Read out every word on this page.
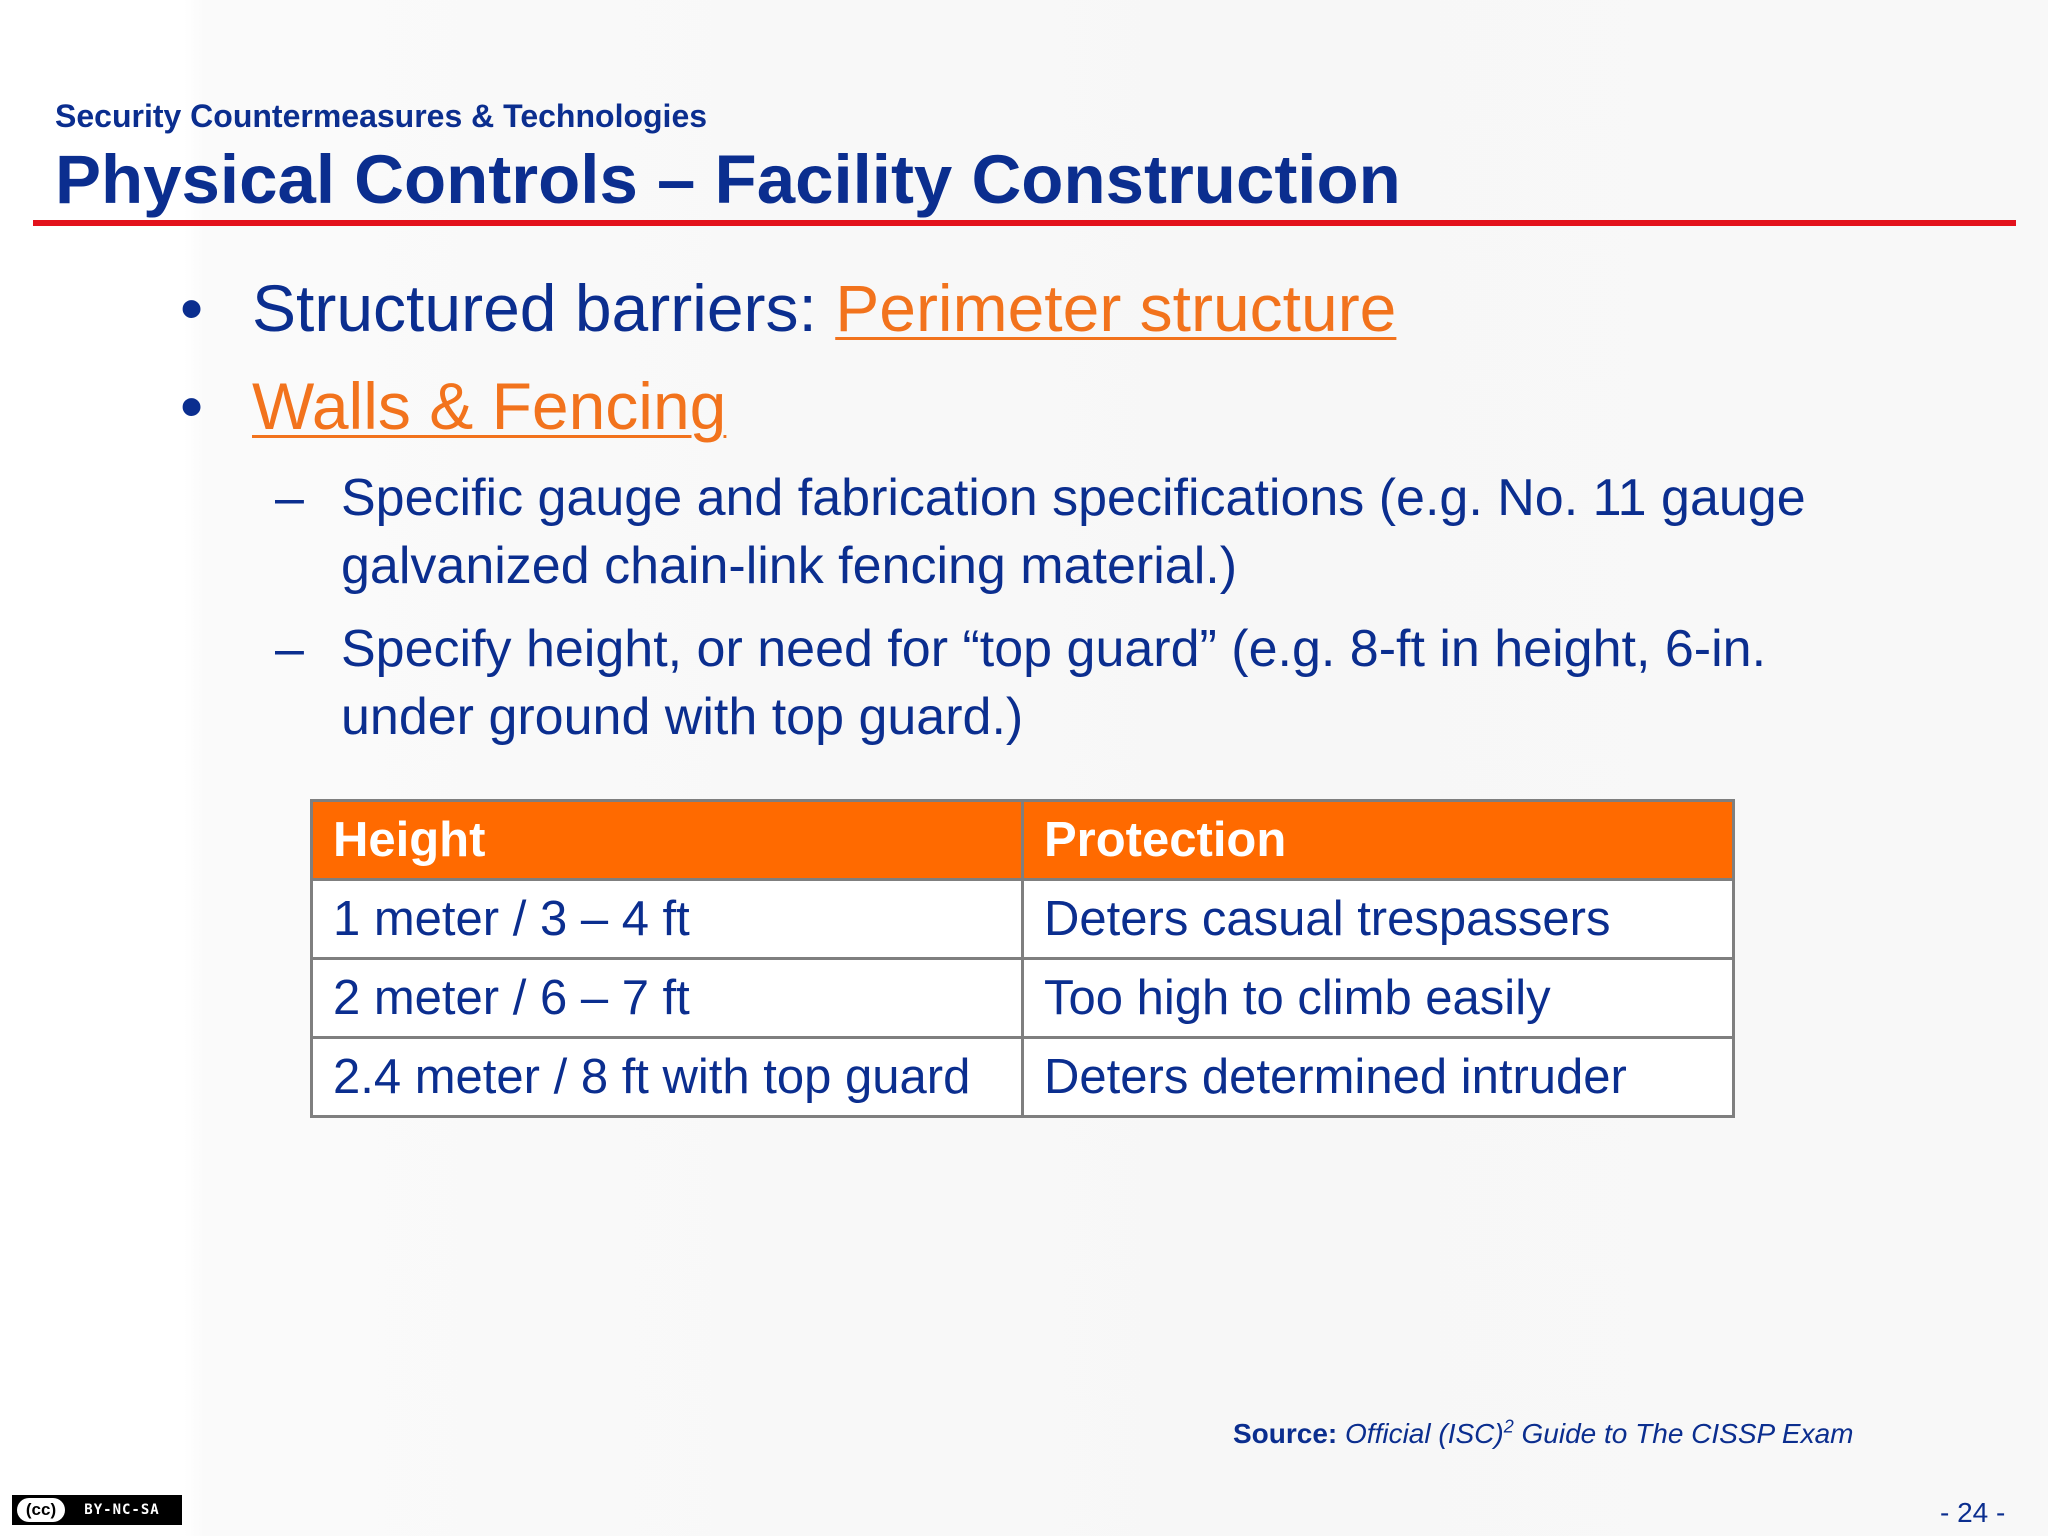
Security Countermeasures & Technologies
Physical Controls – Facility Construction
• Structured barriers: Perimeter structure
• Walls & Fencing
– Specific gauge and fabrication specifications (e.g. No. 11 gauge galvanized chain-link fencing material.)
– Specify height, or need for “top guard” (e.g. 8-ft in height, 6-in. under ground with top guard.)
Height	Protection
1 meter / 3 – 4 ft	Deters casual trespassers
2 meter / 6 – 7 ft	Too high to climb easily
2.4 meter / 8 ft with top guard	Deters determined intruder
Source: Official (ISC)$^2$ Guide to The CISSP Exam
(cc)	BY-NC-SA	- 24 -
